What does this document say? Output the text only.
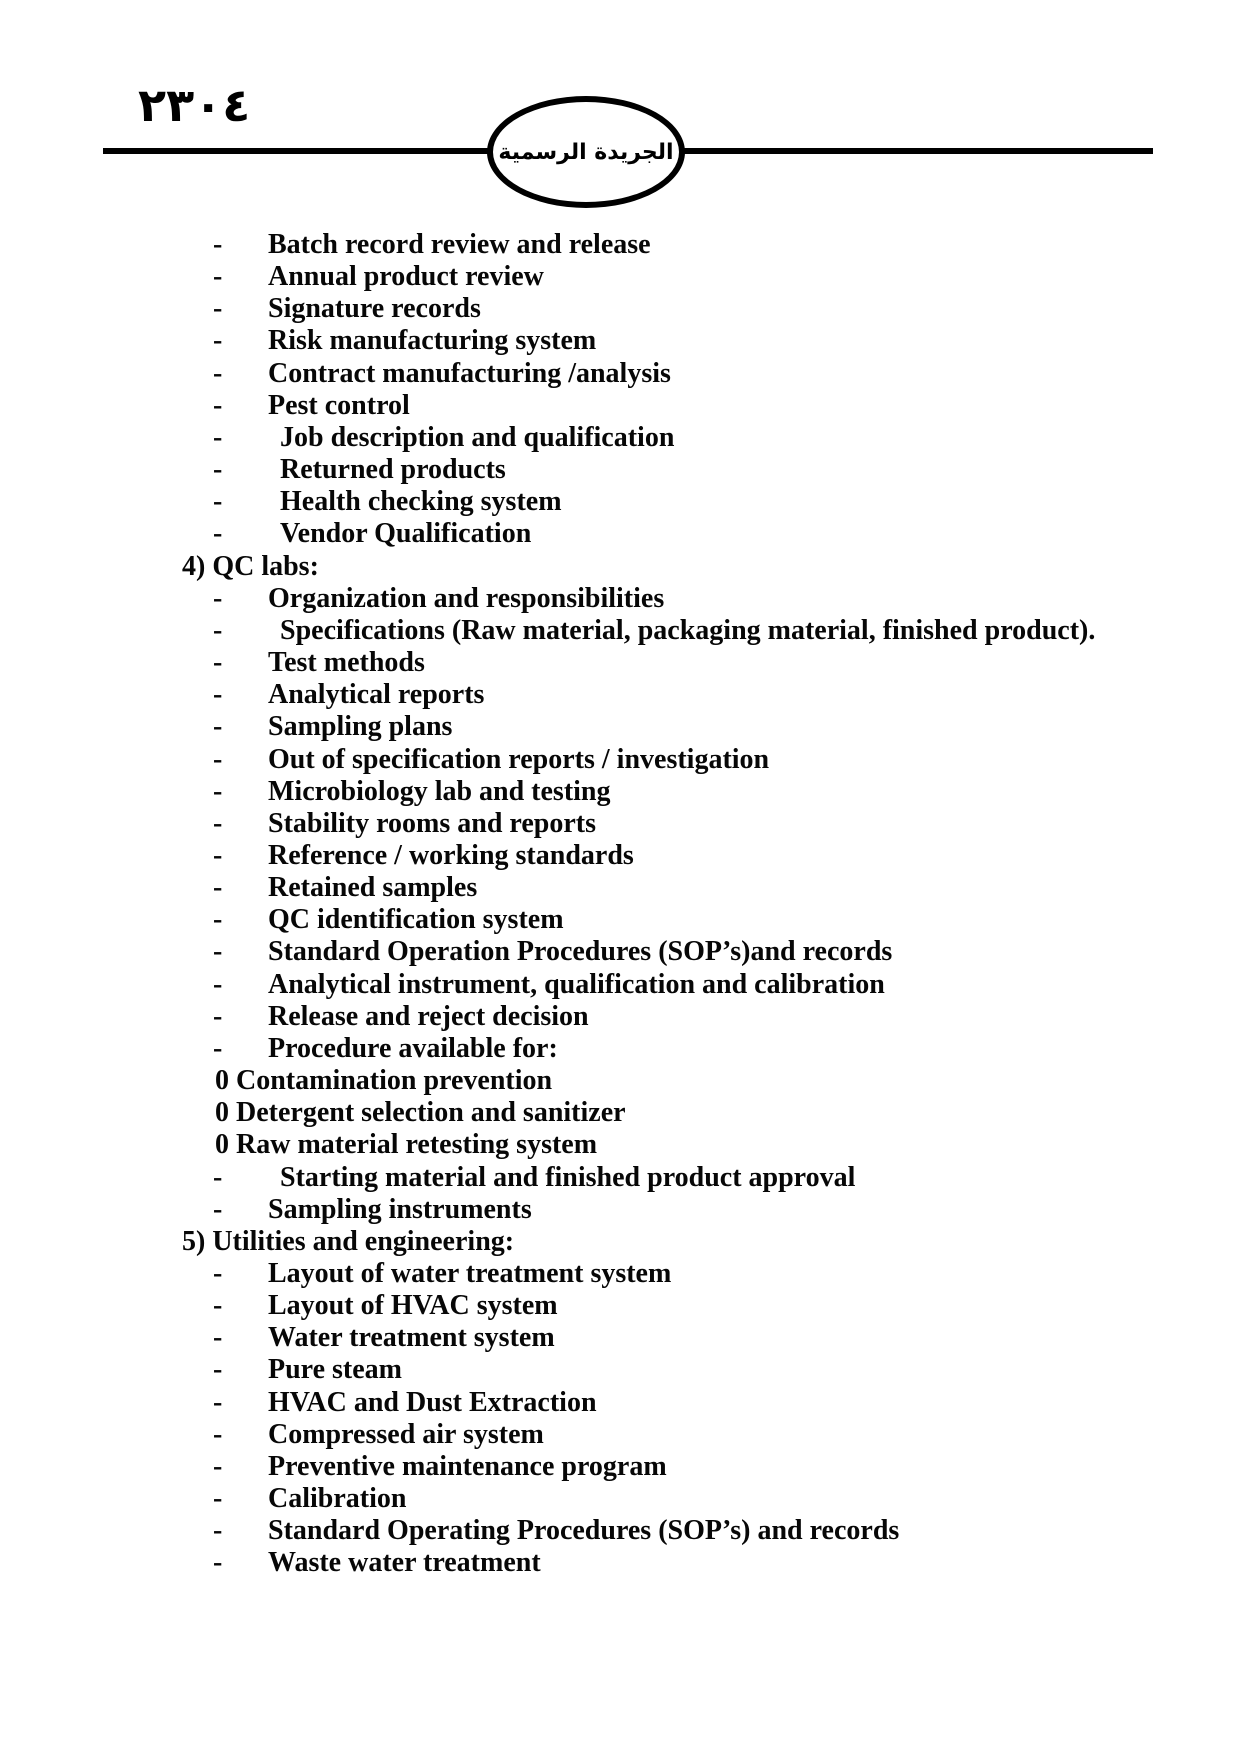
٢٣٠٤
الجريدة الرسمية
- Batch record review and release
- Annual product review
- Signature records
- Risk manufacturing system
- Contract manufacturing /analysis
- Pest control
- Job description and qualification
- Returned products
- Health checking system
- Vendor Qualification
4) QC labs:
- Organization and responsibilities
- Specifications (Raw material, packaging material, finished product).
- Test methods
- Analytical reports
- Sampling plans
- Out of specification reports / investigation
- Microbiology lab and testing
- Stability rooms and reports
- Reference / working standards
- Retained samples
- QC identification system
- Standard Operation Procedures (SOP’s)and records
- Analytical instrument, qualification and calibration
- Release and reject decision
- Procedure available for:
0 Contamination prevention
0 Detergent selection and sanitizer
0 Raw material retesting system
- Starting material and finished product approval
- Sampling instruments
5) Utilities and engineering:
- Layout of water treatment system
- Layout of HVAC system
- Water treatment system
- Pure steam
- HVAC and Dust Extraction
- Compressed air system
- Preventive maintenance program
- Calibration
- Standard Operating Procedures (SOP’s) and records
- Waste water treatment
